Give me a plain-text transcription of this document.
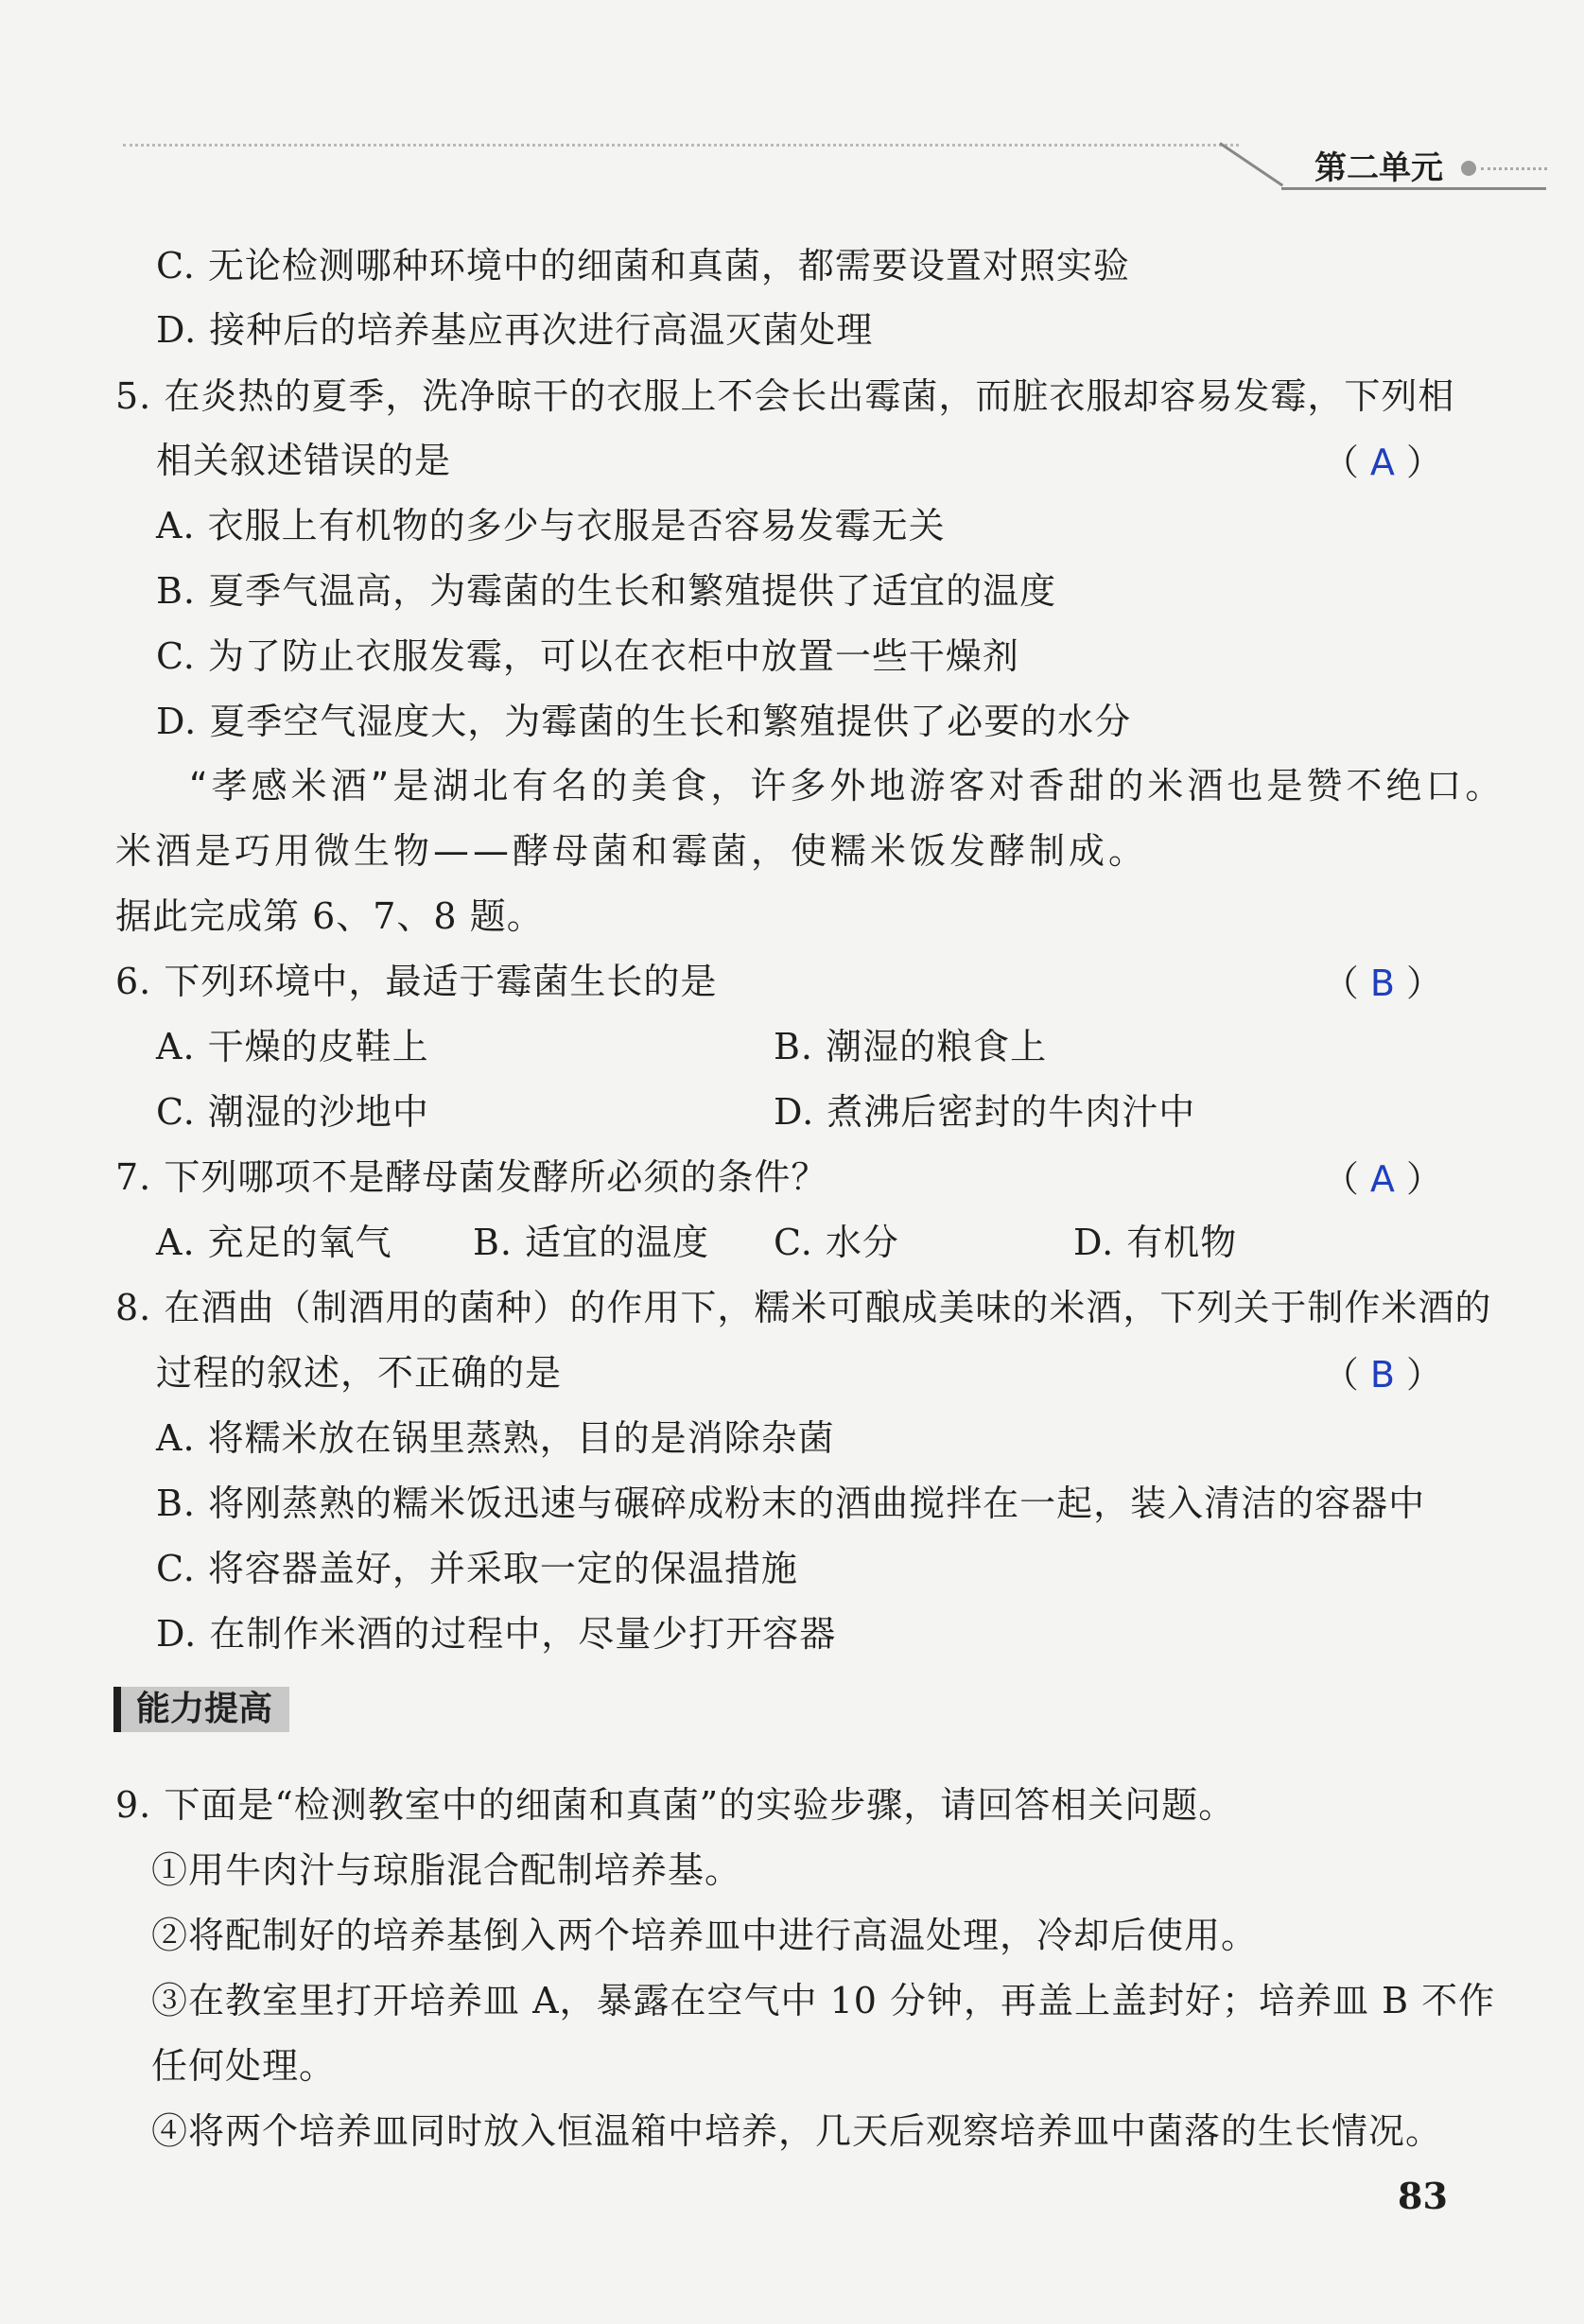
第二单元
C. 无论检测哪种环境中的细菌和真菌，都需要设置对照实验
D. 接种后的培养基应再次进行高温灭菌处理
5. 在炎热的夏季，洗净晾干的衣服上不会长出霉菌，而脏衣服却容易发霉，下列相
相关叙述错误的是	（ A ）
A. 衣服上有机物的多少与衣服是否容易发霉无关
B. 夏季气温高，为霉菌的生长和繁殖提供了适宜的温度
C. 为了防止衣服发霉，可以在衣柜中放置一些干燥剂
D. 夏季空气湿度大，为霉菌的生长和繁殖提供了必要的水分
“孝感米酒”是湖北有名的美食，许多外地游客对香甜的米酒也是赞不绝口。
米酒是巧用微生物——酵母菌和霉菌，使糯米饭发酵制成。
据此完成第 6、7、8 题。
6. 下列环境中，最适于霉菌生长的是	（ B ）
A. 干燥的皮鞋上	B. 潮湿的粮食上
C. 潮湿的沙地中	D. 煮沸后密封的牛肉汁中
7. 下列哪项不是酵母菌发酵所必须的条件？	（ A ）
A. 充足的氧气 B. 适宜的温度 C. 水分	D. 有机物
8. 在酒曲（制酒用的菌种）的作用下，糯米可酿成美味的米酒，下列关于制作米酒的
过程的叙述，不正确的是	（ B ）
A. 将糯米放在锅里蒸熟，目的是消除杂菌
B. 将刚蒸熟的糯米饭迅速与碾碎成粉末的酒曲搅拌在一起，装入清洁的容器中
C. 将容器盖好，并采取一定的保温措施
D. 在制作米酒的过程中，尽量少打开容器
能力提高
9. 下面是“检测教室中的细菌和真菌”的实验步骤，请回答相关问题。
①用牛肉汁与琼脂混合配制培养基。
②将配制好的培养基倒入两个培养皿中进行高温处理，冷却后使用。
③在教室里打开培养皿 A，暴露在空气中 10 分钟，再盖上盖封好；培养皿 B 不作
任何处理。
④将两个培养皿同时放入恒温箱中培养，几天后观察培养皿中菌落的生长情况。
83
